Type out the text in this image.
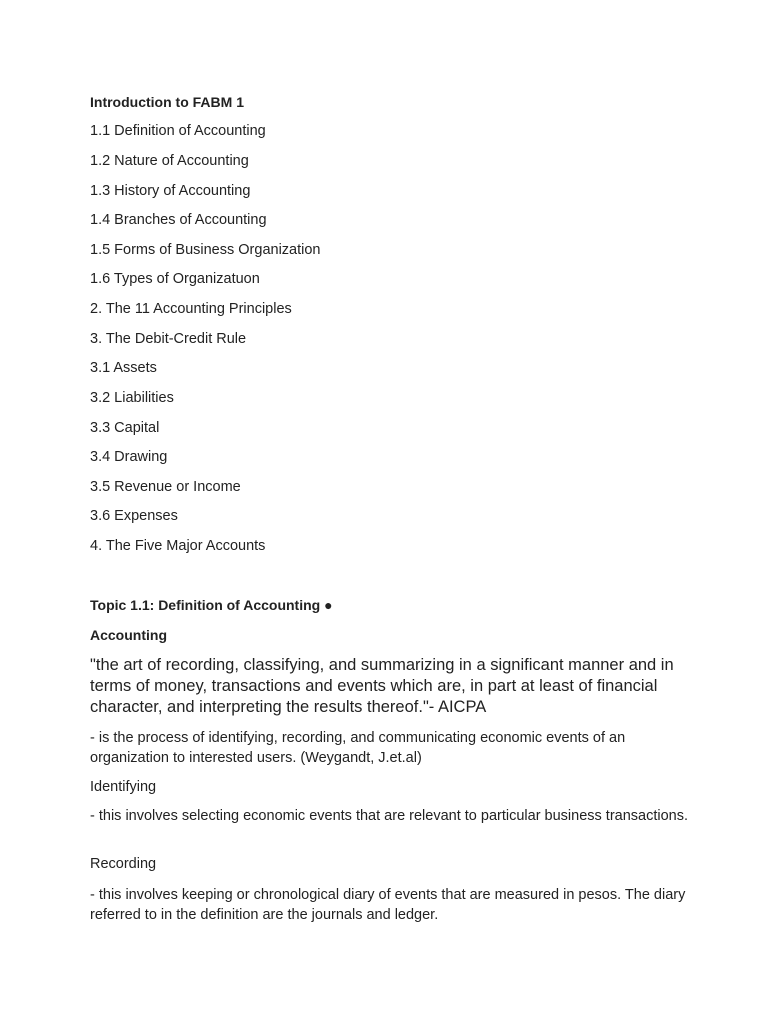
Introduction to FABM 1
1.1 Definition of Accounting
1.2 Nature of Accounting
1.3 History of Accounting
1.4 Branches of Accounting
1.5 Forms of Business Organization
1.6 Types of Organizatuon
2. The 11 Accounting Principles
3. The Debit-Credit Rule
3.1 Assets
3.2 Liabilities
3.3 Capital
3.4 Drawing
3.5 Revenue or Income
3.6 Expenses
4. The Five Major Accounts
Topic 1.1: Definition of Accounting ●
Accounting
"the art of recording, classifying, and summarizing in a significant manner and in terms of money, transactions and events which are, in part at least of financial character, and interpreting the results thereof."- AICPA
- is the process of identifying, recording, and communicating economic events of an organization to interested users. (Weygandt, J.et.al)
Identifying
- this involves selecting economic events that are relevant to particular business transactions.
Recording
- this involves keeping or chronological diary of events that are measured in pesos. The diary referred to in the definition are the journals and ledger.
